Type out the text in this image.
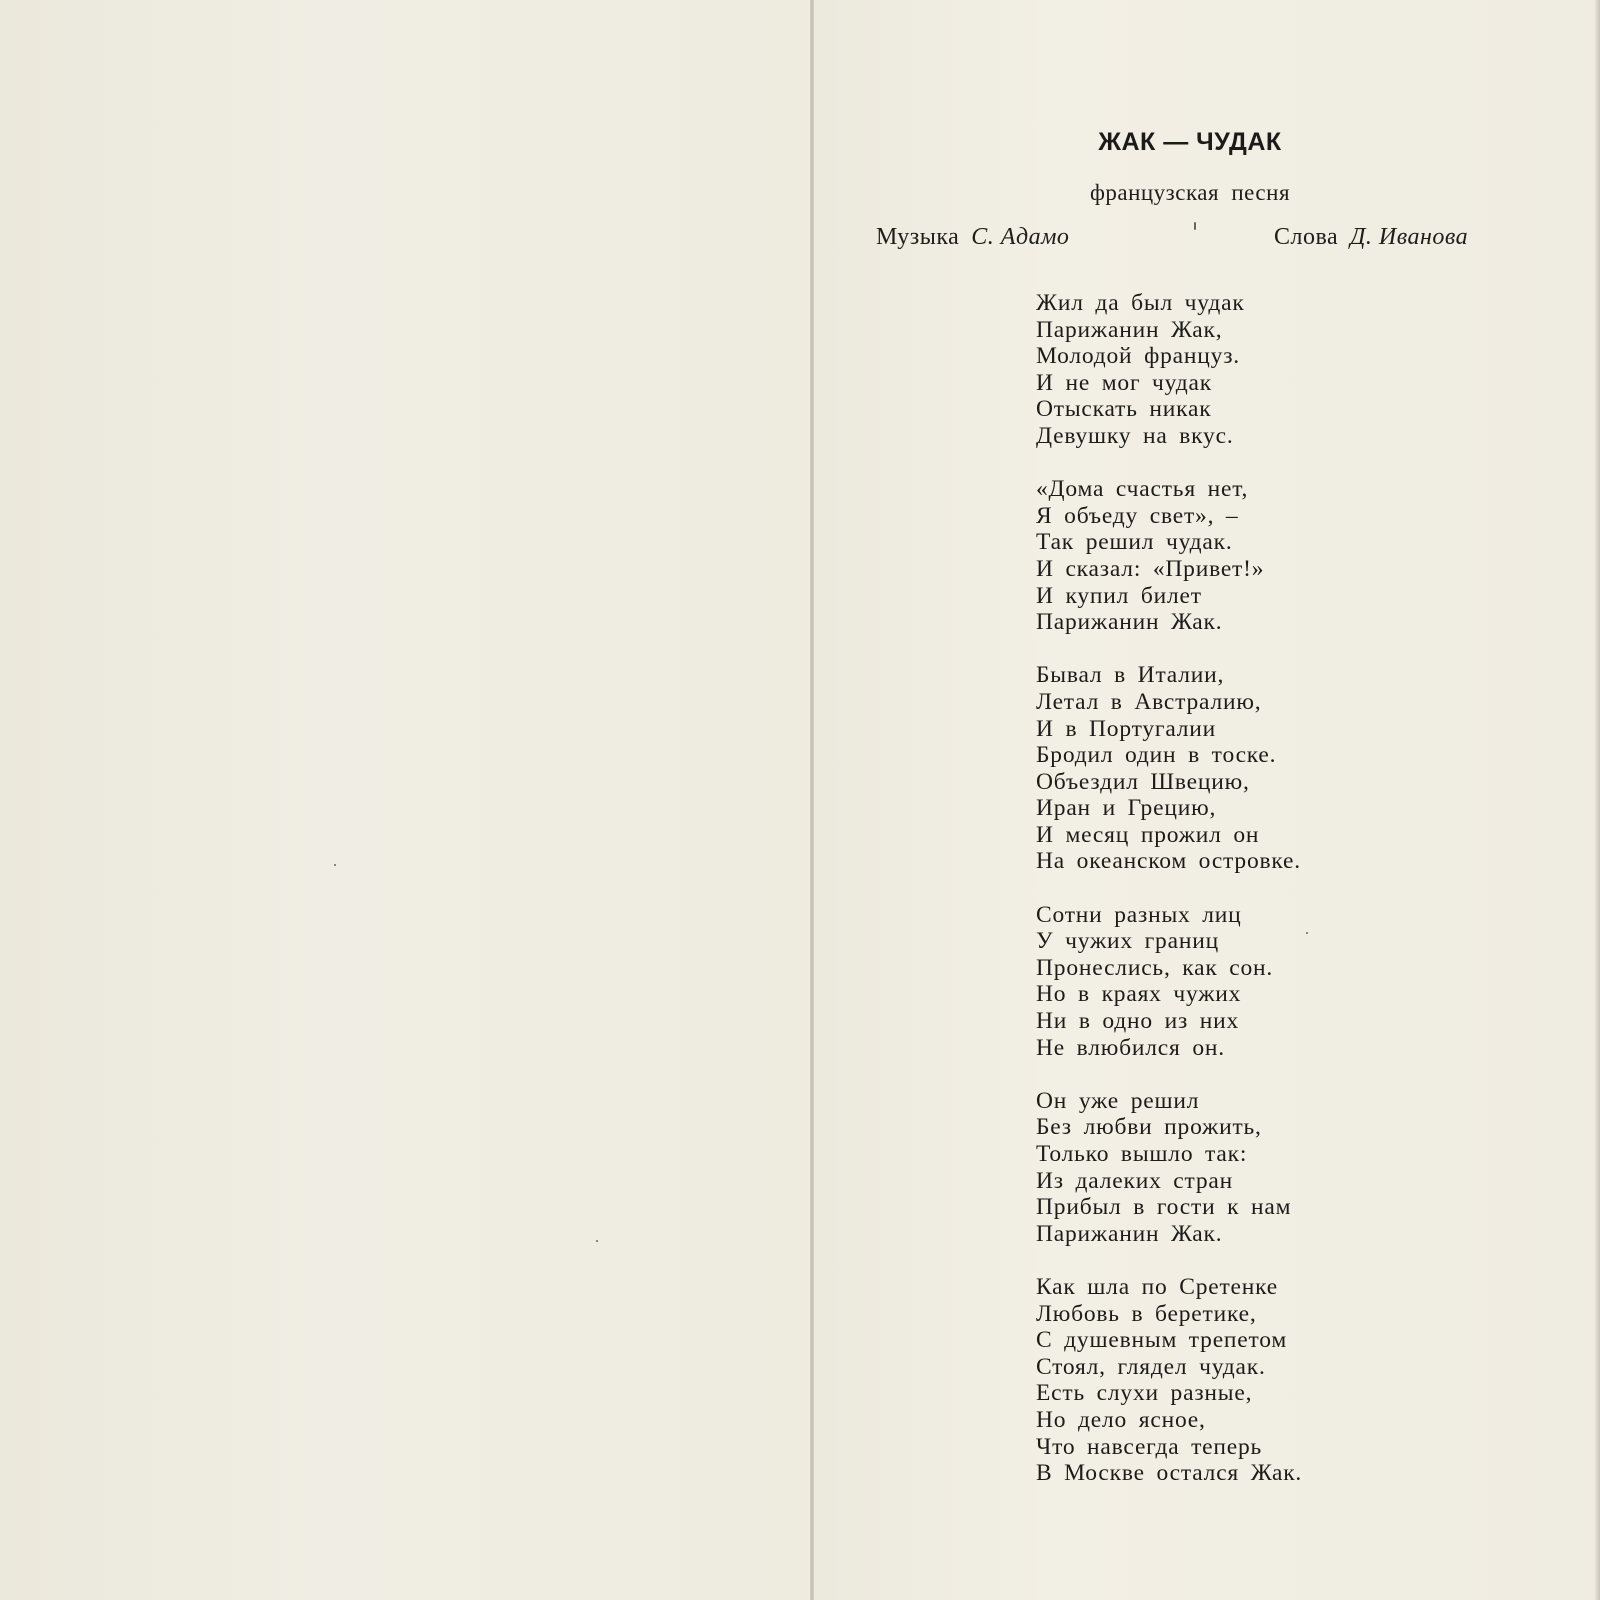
ЖАК — ЧУДАК
французская песня
Музыка С. Адамо	Слова Д. Иванова
Жил да был чудак
Парижанин Жак,
Молодой француз.
И не мог чудак
Отыскать никак
Девушку на вкус.
«Дома счастья нет,
Я объеду свет», –
Так решил чудак.
И сказал: «Привет!»
И купил билет
Парижанин Жак.
Бывал в Италии,
Летал в Австралию,
И в Португалии
Бродил один в тоске.
Объездил Швецию,
Иран и Грецию,
И месяц прожил он
На океанском островке.
Сотни разных лиц
У чужих границ
Пронеслись, как сон.
Но в краях чужих
Ни в одно из них
Не влюбился он.
Он уже решил
Без любви прожить,
Только вышло так:
Из далеких стран
Прибыл в гости к нам
Парижанин Жак.
Как шла по Сретенке
Любовь в беретике,
С душевным трепетом
Стоял, глядел чудак.
Есть слухи разные,
Но дело ясное,
Что навсегда теперь
В Москве остался Жак.
